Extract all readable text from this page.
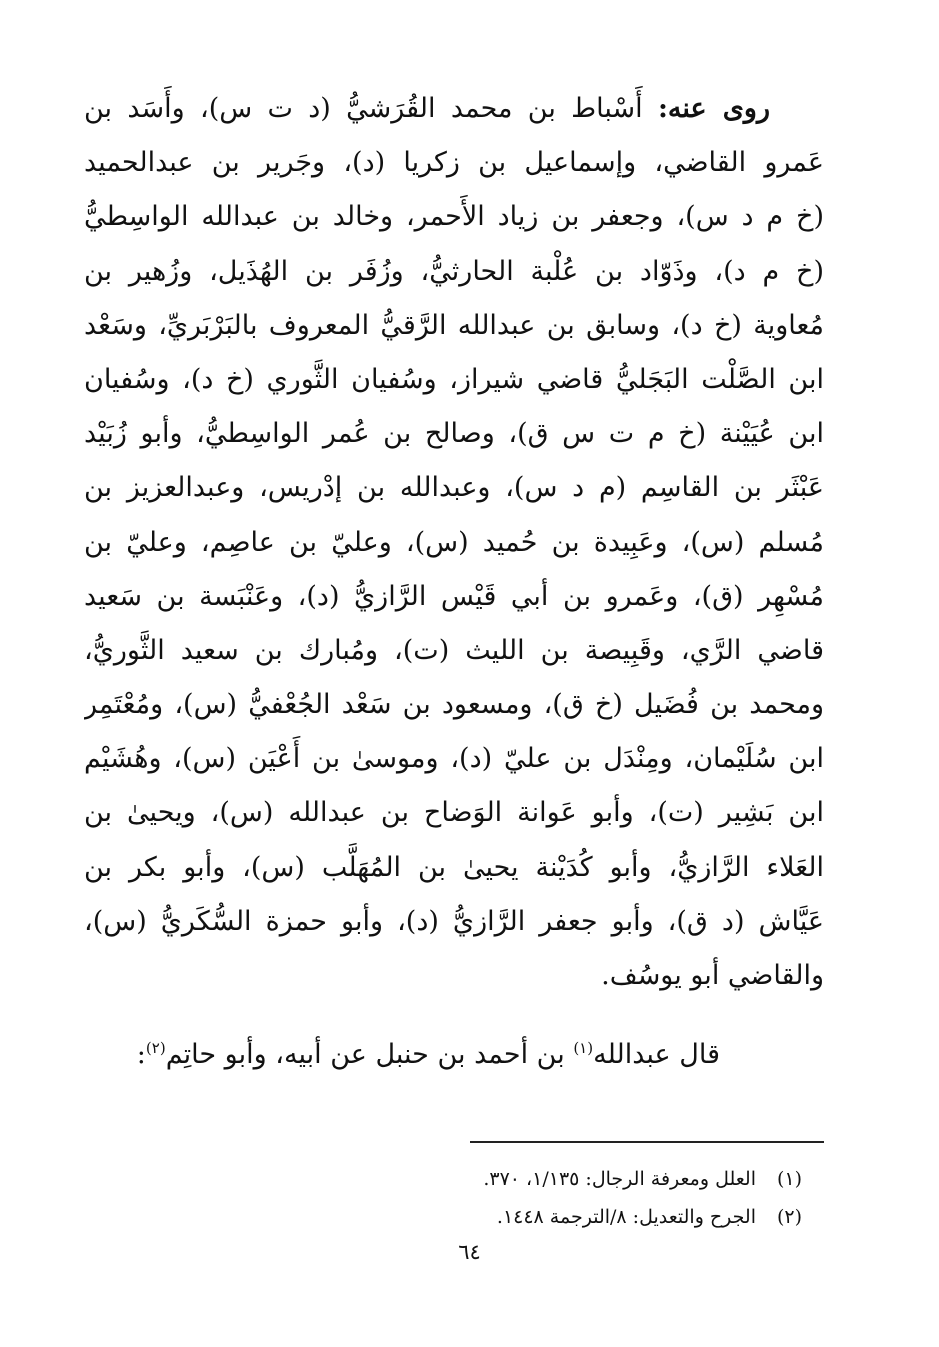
روى عنه: أَسْباط بن محمد القُرَشيُّ (د ت س)، وأَسَد بن
عَمرو القاضي، وإسماعيل بن زكريا (د)، وجَرير بن عبدالحميد
(خ م د س)، وجعفر بن زياد الأَحمر، وخالد بن عبدالله الواسِطيُّ
(خ م د)، وذَوّاد بن عُلْبة الحارثيُّ، وزُفَر بن الهُذَيل، وزُهير بن
مُعاوية (خ د)، وسابق بن عبدالله الرَّقيُّ المعروف بالبَرْبَريِّ، وسَعْد
ابن الصَّلْت البَجَليُّ قاضي شيراز، وسُفيان الثَّوري (خ د)، وسُفيان
ابن عُيَيْنة (خ م ت س ق)، وصالح بن عُمر الواسِطيُّ، وأبو زُبَيْد
عَبْثَر بن القاسِم (م د س)، وعبدالله بن إدْريس، وعبدالعزيز بن
مُسلم (س)، وعَبِيدة بن حُميد (س)، وعليّ بن عاصِم، وعليّ بن
مُسْهِر (ق)، وعَمرو بن أبي قَيْس الرَّازيُّ (د)، وعَنْبَسة بن سَعيد
قاضي الرَّي، وقَبِيصة بن الليث (ت)، ومُبارك بن سعيد الثَّوريُّ،
ومحمد بن فُضَيل (خ ق)، ومسعود بن سَعْد الجُعْفيُّ (س)، ومُعْتَمِر
ابن سُلَيْمان، ومِنْدَل بن عليّ (د)، وموسىٰ بن أَعْيَن (س)، وهُشَيْم
ابن بَشِير (ت)، وأبو عَوانة الوَضاح بن عبدالله (س)، ويحيىٰ بن
العَلاء الرَّازيُّ، وأبو كُدَيْنة يحيىٰ بن المُهَلَّب (س)، وأبو بكر بن
عَيَّاش (د ق)، وأبو جعفر الرَّازيُّ (د)، وأبو حمزة السُّكَريُّ (س)،
والقاضي أبو يوسُف.
قال عبدالله$^{(١)}$ بن أحمد بن حنبل عن أبيه، وأبو حاتِم$^{(٢)}$:
(١)العلل ومعرفة الرجال: ١/١٣٥، ٣٧٠.
(٢)الجرح والتعديل: ٨/الترجمة ١٤٤٨.
٦٤
